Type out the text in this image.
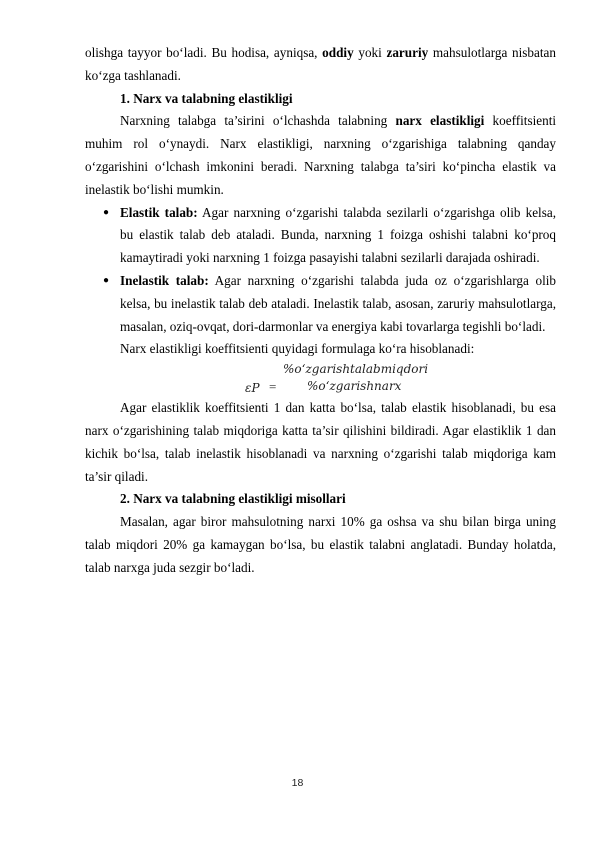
olishga tayyor bo‘ladi. Bu hodisa, ayniqsa, oddiy yoki zaruriy mahsulotlarga nisbatan ko‘zga tashlanadi.

1. Narx va talabning elastikligi

Narxning talabga ta’sirini o‘lchashda talabning narx elastikligi koeffitsienti muhim rol o‘ynaydi. Narx elastikligi, narxning o‘zgarishiga talabning qanday o‘zgarishini o‘lchash imkonini beradi. Narxning talabga ta’siri ko‘pincha elastik va inelastik bo‘lishi mumkin.

● Elastik talab: Agar narxning o‘zgarishi talabda sezilarli o‘zgarishga olib kelsa, bu elastik talab deb ataladi. Bunda, narxning 1 foizga oshishi talabni ko‘proq kamaytiradi yoki narxning 1 foizga pasayishi talabni sezilarli darajada oshiradi.
● Inelastik talab: Agar narxning o‘zgarishi talabda juda oz o‘zgarishlarga olib kelsa, bu inelastik talab deb ataladi. Inelastik talab, asosan, zaruriy mahsulotlarga, masalan, oziq-ovqat, dori-darmonlar va energiya kabi tovarlarga tegishli bo‘ladi.

Narx elastikligi koeffitsienti quyidagi formulaga ko‘ra hisoblanadi:

εP =
%o‘zgarishtalabmiqdori
%o‘zgarishnarx

Agar elastiklik koeffitsienti 1 dan katta bo‘lsa, talab elastik hisoblanadi, bu esa narx o‘zgarishining talab miqdoriga katta ta’sir qilishini bildiradi. Agar elastiklik 1 dan kichik bo‘lsa, talab inelastik hisoblanadi va narxning o‘zgarishi talab miqdoriga kam ta’sir qiladi.

2. Narx va talabning elastikligi misollari

Masalan, agar biror mahsulotning narxi 10% ga oshsa va shu bilan birga uning talab miqdori 20% ga kamaygan bo‘lsa, bu elastik talabni anglatadi. Bunday holatda, talab narxga juda sezgir bo‘ladi.

18
